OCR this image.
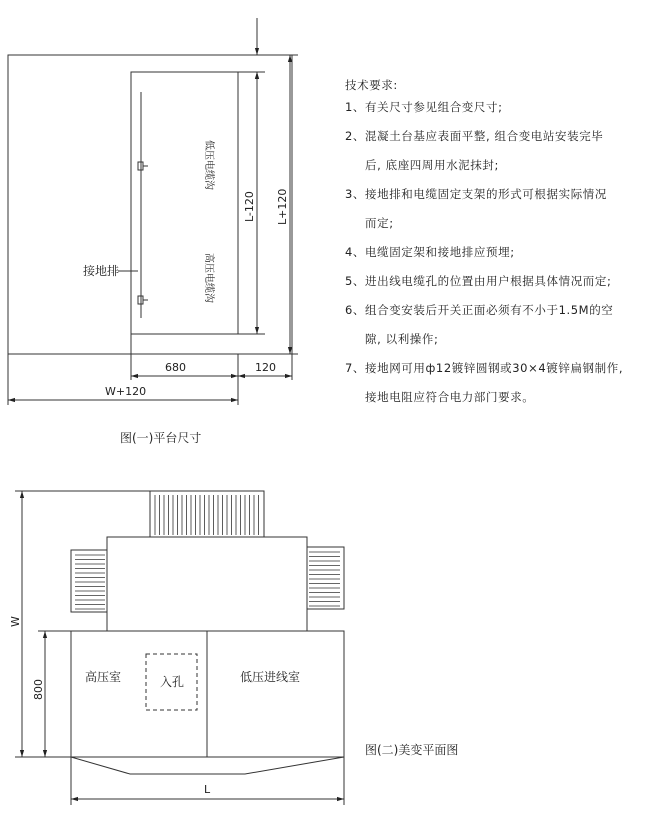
低压电缆沟
高压电缆沟
接地排
L-120 L+120
680	120
W+120
图(一)平台尺寸
高压室	入孔	低压进线室
W
800
L
图(二)美变平面图
技术要求:
1、 有关尺寸参见组合变尺寸;
2、 混凝土台基应表面平整, 组合变电站安装完毕
后, 底座四周用水泥抹封;
3、 接地排和电缆固定支架的形式可根据实际情况
而定;
4、 电缆固定架和接地排应预埋;
5、 进出线电缆孔的位置由用户根据具体情况而定;
6、 组合变安装后开关正面必须有不小于1.5M的空
隙, 以利操作;
7、 接地网可用ф12镀锌圆钢或30×4镀锌扁钢制作,
接地电阻应符合电力部门要求。
